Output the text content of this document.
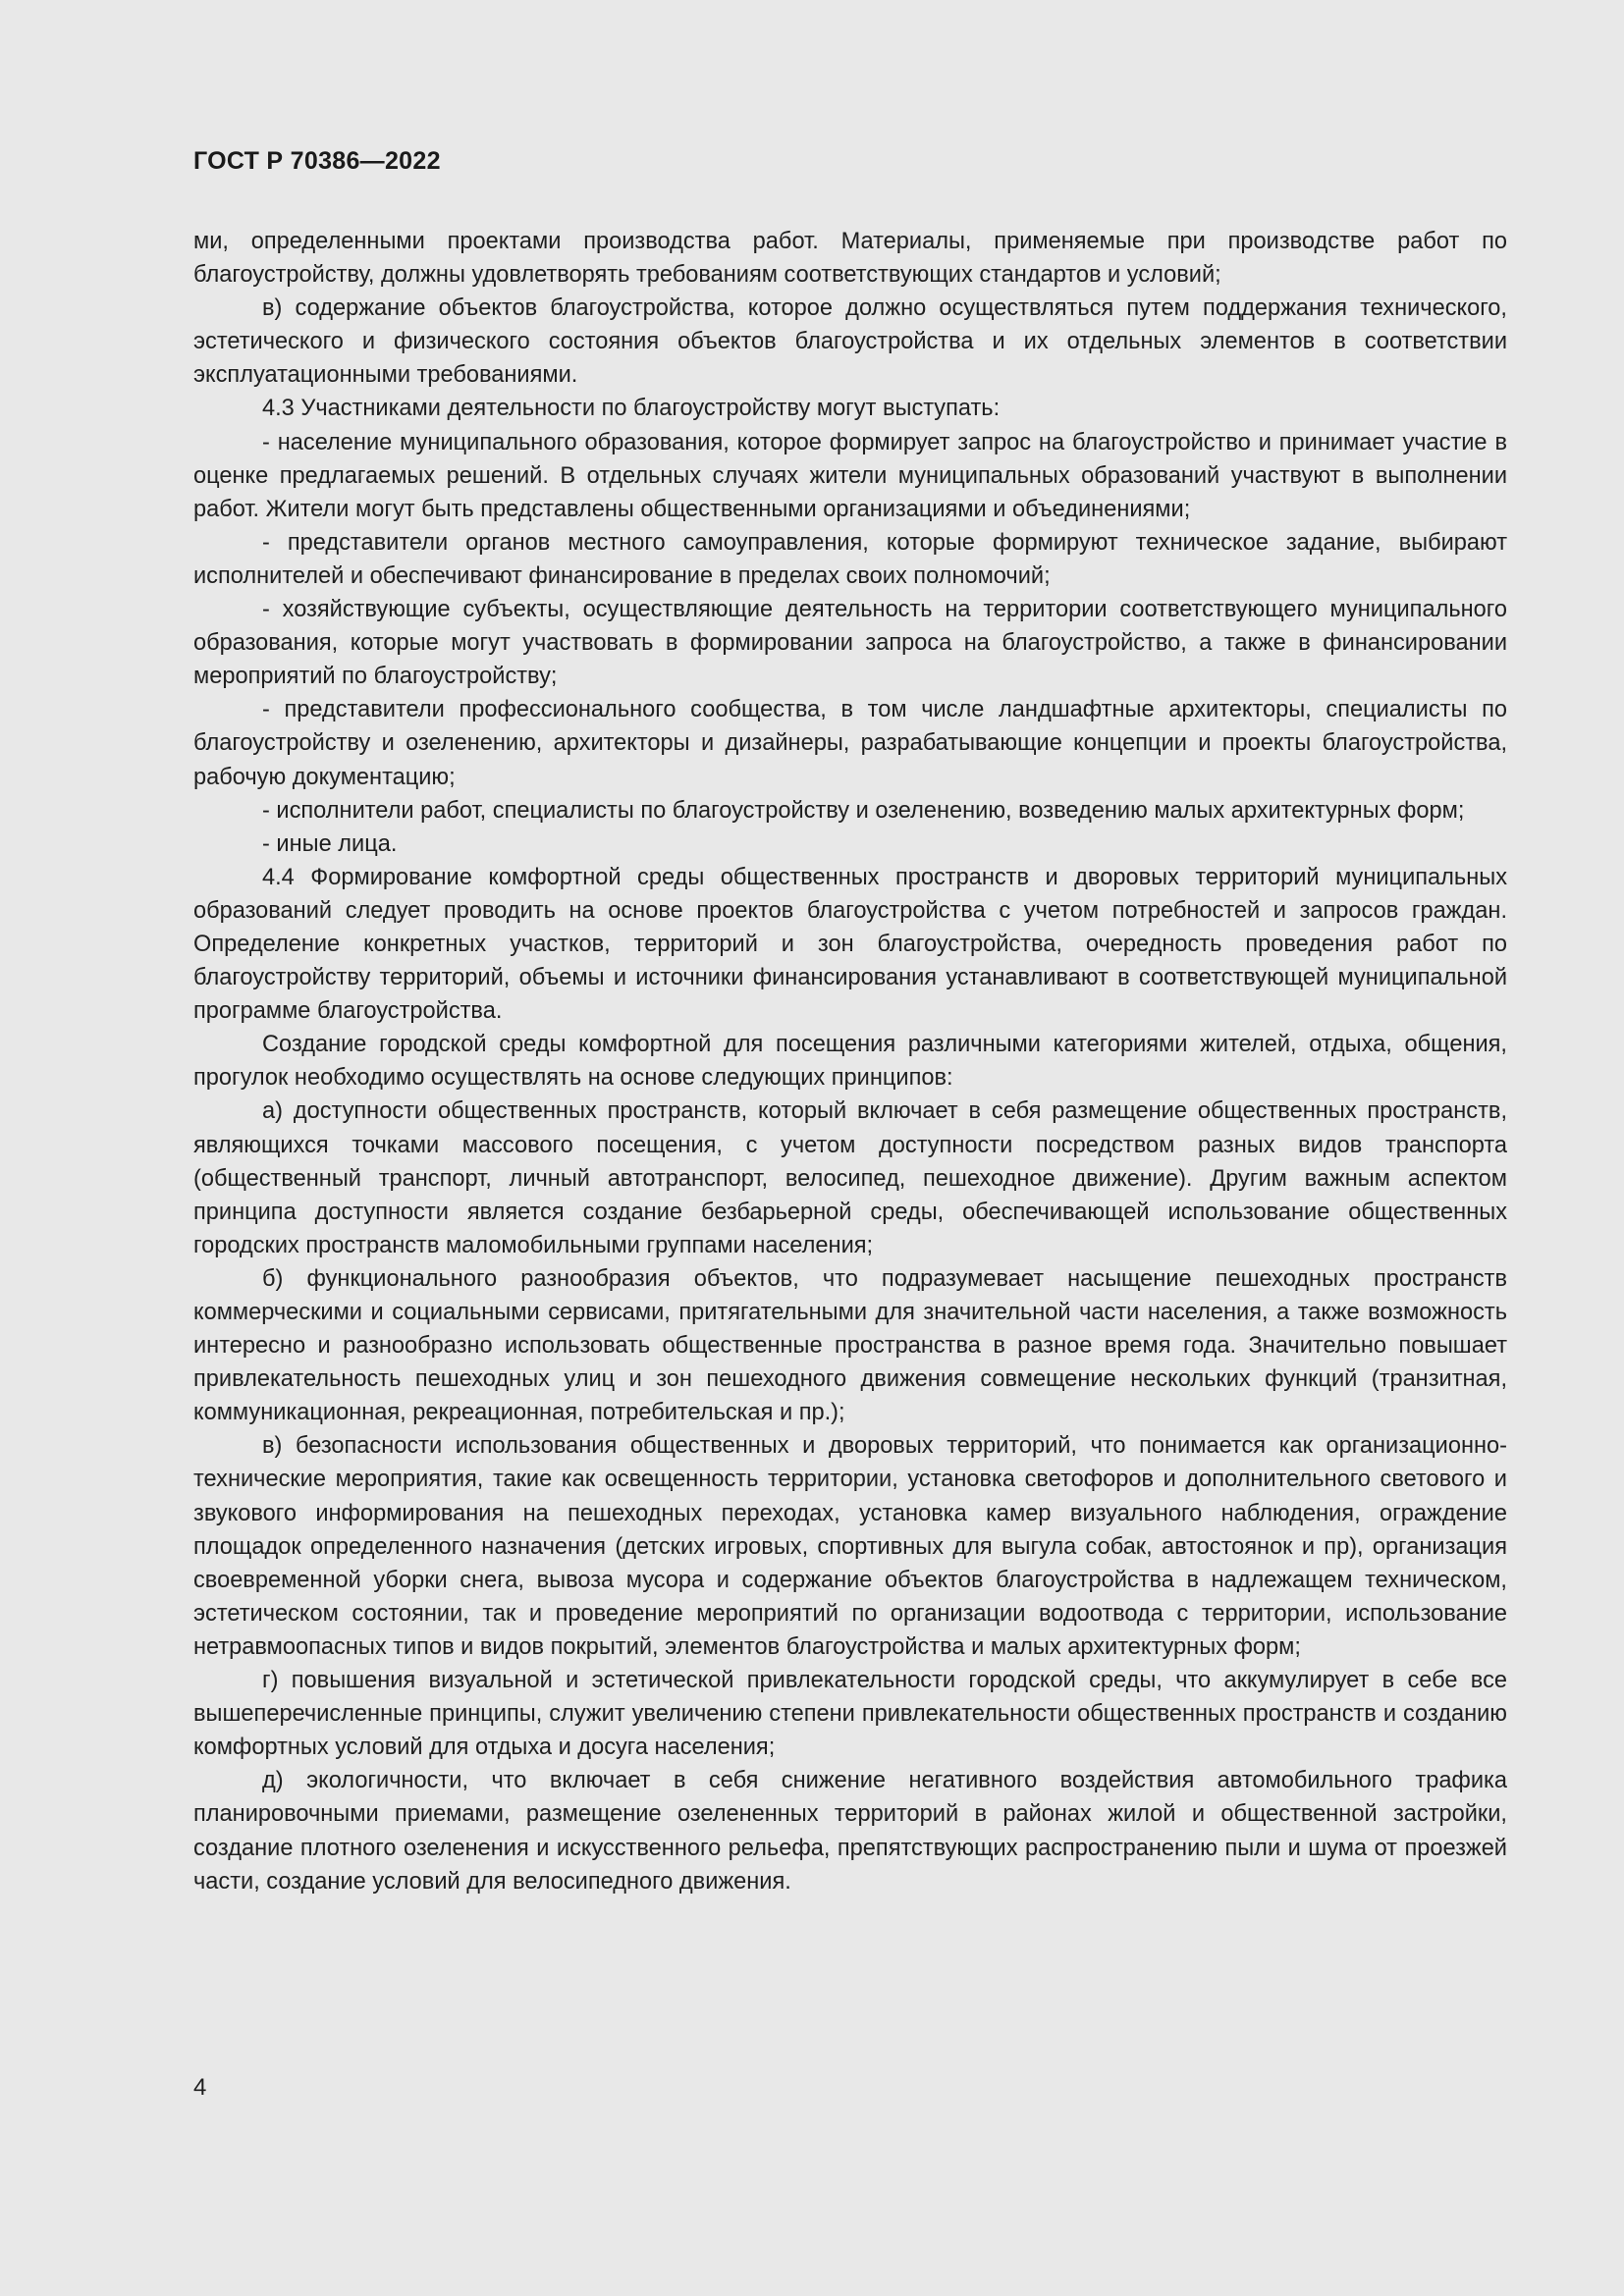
ГОСТ Р 70386—2022

ми, определенными проектами производства работ. Материалы, применяемые при производстве работ по благоустройству, должны удовлетворять требованиям соответствующих стандартов и условий;

в) содержание объектов благоустройства, которое должно осуществляться путем поддержания технического, эстетического и физического состояния объектов благоустройства и их отдельных элементов в соответствии эксплуатационными требованиями.

4.3 Участниками деятельности по благоустройству могут выступать:

- население муниципального образования, которое формирует запрос на благоустройство и принимает участие в оценке предлагаемых решений. В отдельных случаях жители муниципальных образований участвуют в выполнении работ. Жители могут быть представлены общественными организациями и объединениями;

- представители органов местного самоуправления, которые формируют техническое задание, выбирают исполнителей и обеспечивают финансирование в пределах своих полномочий;

- хозяйствующие субъекты, осуществляющие деятельность на территории соответствующего муниципального образования, которые могут участвовать в формировании запроса на благоустройство, а также в финансировании мероприятий по благоустройству;

- представители профессионального сообщества, в том числе ландшафтные архитекторы, специалисты по благоустройству и озеленению, архитекторы и дизайнеры, разрабатывающие концепции и проекты благоустройства, рабочую документацию;

- исполнители работ, специалисты по благоустройству и озеленению, возведению малых архитектурных форм;

- иные лица.

4.4 Формирование комфортной среды общественных пространств и дворовых территорий муниципальных образований следует проводить на основе проектов благоустройства с учетом потребностей и запросов граждан. Определение конкретных участков, территорий и зон благоустройства, очередность проведения работ по благоустройству территорий, объемы и источники финансирования устанавливают в соответствующей муниципальной программе благоустройства.

Создание городской среды комфортной для посещения различными категориями жителей, отдыха, общения, прогулок необходимо осуществлять на основе следующих принципов:

а) доступности общественных пространств, который включает в себя размещение общественных пространств, являющихся точками массового посещения, с учетом доступности посредством разных видов транспорта (общественный транспорт, личный автотранспорт, велосипед, пешеходное движение). Другим важным аспектом принципа доступности является создание безбарьерной среды, обеспечивающей использование общественных городских пространств маломобильными группами населения;

б) функционального разнообразия объектов, что подразумевает насыщение пешеходных пространств коммерческими и социальными сервисами, притягательными для значительной части населения, а также возможность интересно и разнообразно использовать общественные пространства в разное время года. Значительно повышает привлекательность пешеходных улиц и зон пешеходного движения совмещение нескольких функций (транзитная, коммуникационная, рекреационная, потребительская и пр.);

в) безопасности использования общественных и дворовых территорий, что понимается как организационно-технические мероприятия, такие как освещенность территории, установка светофоров и дополнительного светового и звукового информирования на пешеходных переходах, установка камер визуального наблюдения, ограждение площадок определенного назначения (детских игровых, спортивных для выгула собак, автостоянок и пр), организация своевременной уборки снега, вывоза мусора и содержание объектов благоустройства в надлежащем техническом, эстетическом состоянии, так и проведение мероприятий по организации водоотвода с территории, использование нетравмоопасных типов и видов покрытий, элементов благоустройства и малых архитектурных форм;

г) повышения визуальной и эстетической привлекательности городской среды, что аккумулирует в себе все вышеперечисленные принципы, служит увеличению степени привлекательности общественных пространств и созданию комфортных условий для отдыха и досуга населения;

д) экологичности, что включает в себя снижение негативного воздействия автомобильного трафика планировочными приемами, размещение озелененных территорий в районах жилой и общественной застройки, создание плотного озеленения и искусственного рельефа, препятствующих распространению пыли и шума от проезжей части, создание условий для велосипедного движения.

4
